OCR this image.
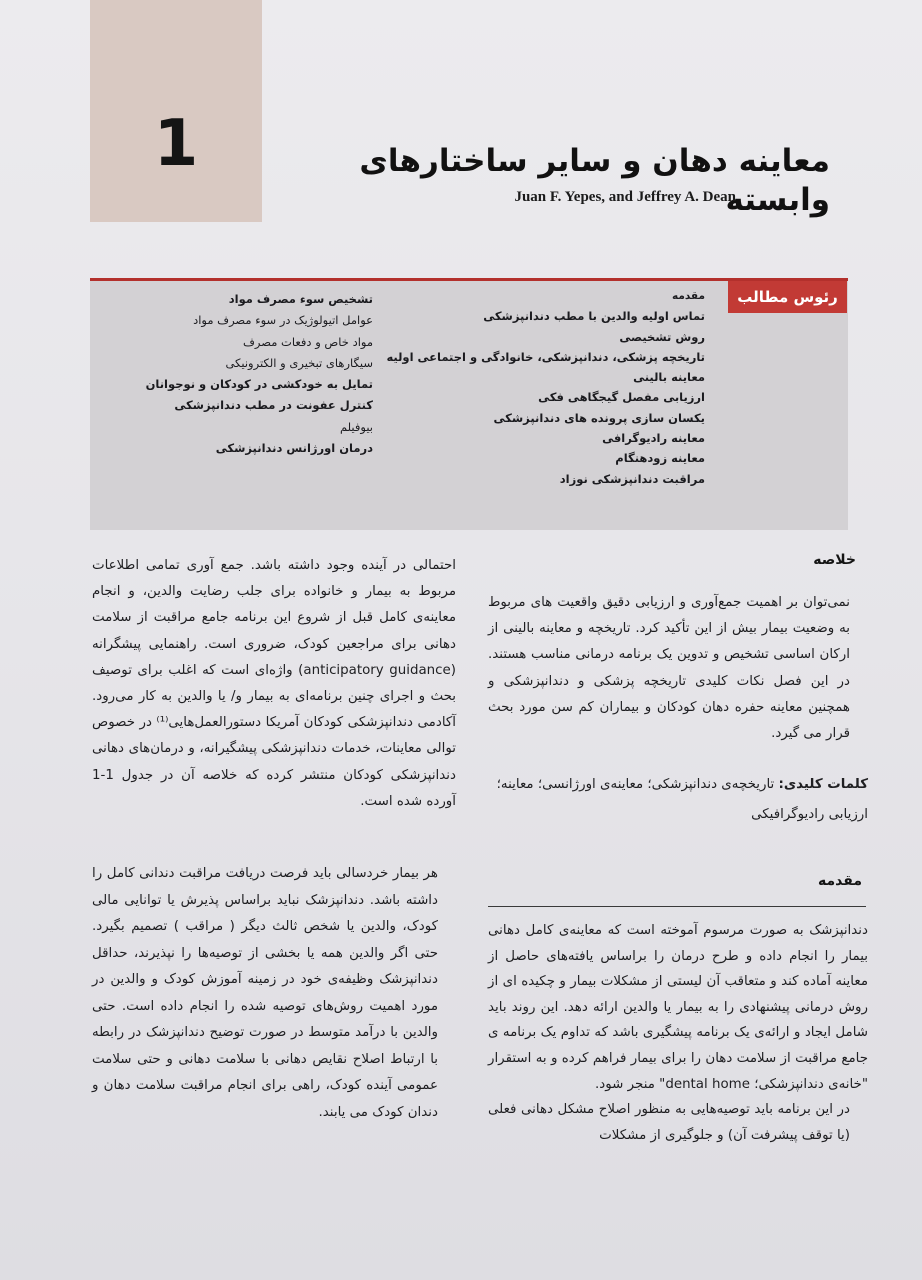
1	معاینه دهان و سایر ساختارهای وابسته
Juan F. Yepes, and Jeffrey A. Dean
رئوس مطالب
مقدمه
تماس اولیه والدین با مطب دندانپزشکی
روش تشخیصی
تاریخچه پزشکی، دندانپزشکی، خانوادگی و اجتماعی اولیه
معاینه بالینی
ارزیابی مفصل گیجگاهی فکی
یکسان سازی پرونده های دندانپزشکی
معاینه رادیوگرافی
معاینه زودهنگام
مراقبت دندانپزشکی نوزاد
تشخیص سوء مصرف مواد
عوامل اتیولوژیک در سوء مصرف مواد
مواد خاص و دفعات مصرف
سیگارهای تبخیری و الکترونیکی
تمایل به خودکشی در کودکان و نوجوانان
کنترل عفونت در مطب دندانپزشکی
بیوفیلم
درمان اورژانس دندانپزشکی
خلاصه

نمی‌توان بر اهمیت جمع‌آوری و ارزیابی دقیق واقعیت های مربوط به وضعیت بیمار بیش از این تأکید کرد. تاریخچه و معاینه بالینی از ارکان اساسی تشخیص و تدوین یک برنامه درمانی مناسب هستند. در این فصل نکات کلیدی تاریخچه پزشکی و دندانپزشکی و همچنین معاینه حفره دهان کودکان و بیماران کم سن مورد بحث قرار می گیرد.

کلمات کلیدی: تاریخچه‌ی دندانپزشکی؛ معاینه‌ی اورژانسی؛ معاینه؛ ارزیابی رادیوگرافیکی
مقدمه

دندانپزشک به صورت مرسوم آموخته است که معاینه‌ی کامل دهانی بیمار را انجام داده و طرح درمان را براساس یافته‌های حاصل از معاینه آماده کند و متعاقب آن لیستی از مشکلات بیمار و چکیده ای از روش درمانی پیشنهادی را به بیمار یا والدین ارائه دهد. این روند باید شامل ایجاد و ارائه‌ی یک برنامه پیشگیری باشد که تداوم یک برنامه ی جامع مراقبت از سلامت دهان را برای بیمار فراهم کرده و به استقرار "خانه‌ی دندانپزشکی؛ dental home" منجر شود.

در این برنامه باید توصیه‌هایی به منظور اصلاح مشکل دهانی فعلی (یا توقف پیشرفت آن) و جلوگیری از مشکلات

احتمالی در آینده وجود داشته باشد. جمع آوری تمامی اطلاعات مربوط به بیمار و خانواده برای جلب رضایت والدین، و انجام معاینه‌ی کامل قبل از شروع این برنامه جامع مراقبت از سلامت دهانی برای مراجعین کودک، ضروری است. راهنمایی پیشگرانه (anticipatory guidance) واژه‌ای است که اغلب برای توصیف بحث و اجرای چنین برنامه‌ای به بیمار و/ یا والدین به کار می‌رود. آکادمی دندانپزشکی کودکان آمریکا دستورالعمل‌هایی⁽¹⁾ در خصوص توالی معاینات، خدمات دندانپزشکی پیشگیرانه، و درمان‌های دهانی دندانپزشکی کودکان منتشر کرده که خلاصه آن در جدول 1-1 آورده شده است.

هر بیمار خردسالی باید فرصت دریافت مراقبت دندانی کامل را داشته باشد. دندانپزشک نباید براساس پذیرش یا توانایی مالی کودک، والدین یا شخص ثالث دیگر ( مراقب ) تصمیم بگیرد. حتی اگر والدین همه یا بخشی از توصیه‌ها را نپذیرند، حداقل دندانپزشک وظیفه‌ی خود در زمینه آموزش کودک و والدین در مورد اهمیت روش‌های توصیه شده را انجام داده است. حتی والدین با درآمد متوسط در صورت توضیح دندانپزشک در رابطه با ارتباط اصلاح نقایص دهانی با سلامت دهانی و حتی سلامت عمومی آینده کودک، راهی برای انجام مراقبت سلامت دهان و دندان کودک می یابند.
